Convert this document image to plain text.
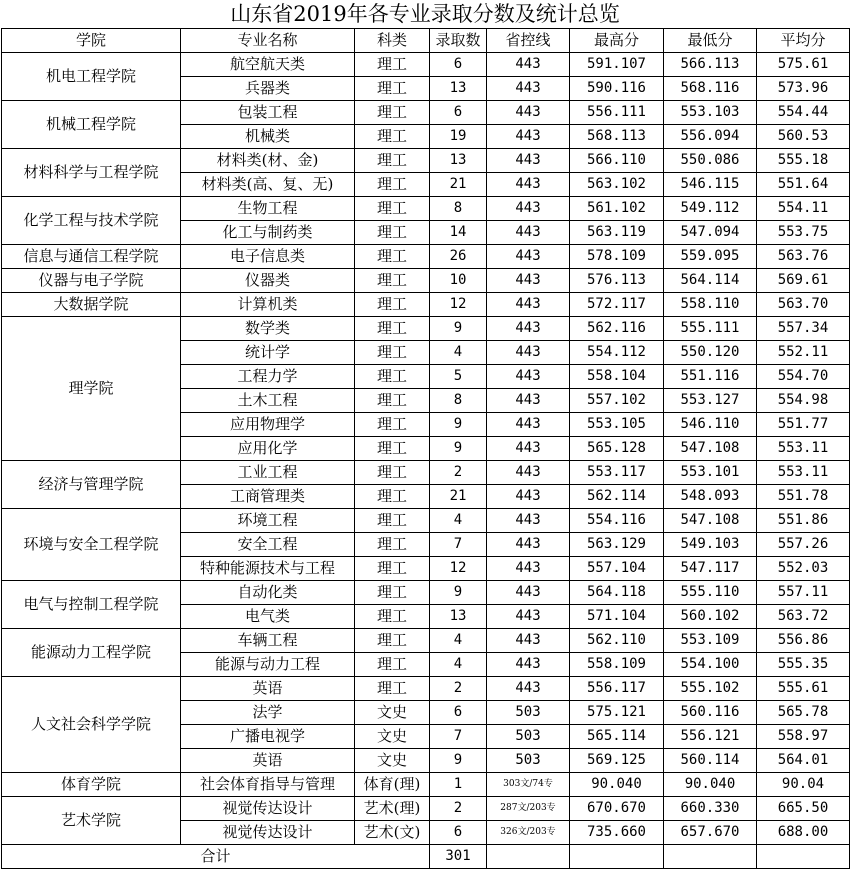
山东省2019年各专业录取分数及统计总览
学院	专业名称	科类	录取数	省控线	最高分	最低分	平均分
机电工程学院	航空航天类	理工	6	443	591.107	566.113	575.61
	兵器类	理工	13	443	590.116	568.116	573.96
机械工程学院	包装工程	理工	6	443	556.111	553.103	554.44
	机械类	理工	19	443	568.113	556.094	560.53
材料科学与工程学院	材料类(材、金)	理工	13	443	566.110	550.086	555.18
	材料类(高、复、无)	理工	21	443	563.102	546.115	551.64
化学工程与技术学院	生物工程	理工	8	443	561.102	549.112	554.11
	化工与制药类	理工	14	443	563.119	547.094	553.75
信息与通信工程学院	电子信息类	理工	26	443	578.109	559.095	563.76
仪器与电子学院	仪器类	理工	10	443	576.113	564.114	569.61
大数据学院	计算机类	理工	12	443	572.117	558.110	563.70
理学院	数学类	理工	9	443	562.116	555.111	557.34
	统计学	理工	4	443	554.112	550.120	552.11
	工程力学	理工	5	443	558.104	551.116	554.70
	土木工程	理工	8	443	557.102	553.127	554.98
	应用物理学	理工	9	443	553.105	546.110	551.77
	应用化学	理工	9	443	565.128	547.108	553.11
经济与管理学院	工业工程	理工	2	443	553.117	553.101	553.11
	工商管理类	理工	21	443	562.114	548.093	551.78
环境与安全工程学院	环境工程	理工	4	443	554.116	547.108	551.86
	安全工程	理工	7	443	563.129	549.103	557.26
	特种能源技术与工程	理工	12	443	557.104	547.117	552.03
电气与控制工程学院	自动化类	理工	9	443	564.118	555.110	557.11
	电气类	理工	13	443	571.104	560.102	563.72
能源动力工程学院	车辆工程	理工	4	443	562.110	553.109	556.86
	能源与动力工程	理工	4	443	558.109	554.100	555.35
人文社会科学学院	英语	理工	2	443	556.117	555.102	555.61
	法学	文史	6	503	575.121	560.116	565.78
	广播电视学	文史	7	503	565.114	556.121	558.97
	英语	文史	9	503	569.125	560.114	564.01
体育学院	社会体育指导与管理	体育(理)	1	303文/74专	90.040	90.040	90.04
艺术学院	视觉传达设计	艺术(理)	2	287文/203专	670.670	660.330	665.50
	视觉传达设计	艺术(文)	6	326文/203专	735.660	657.670	688.00
合计			301				
